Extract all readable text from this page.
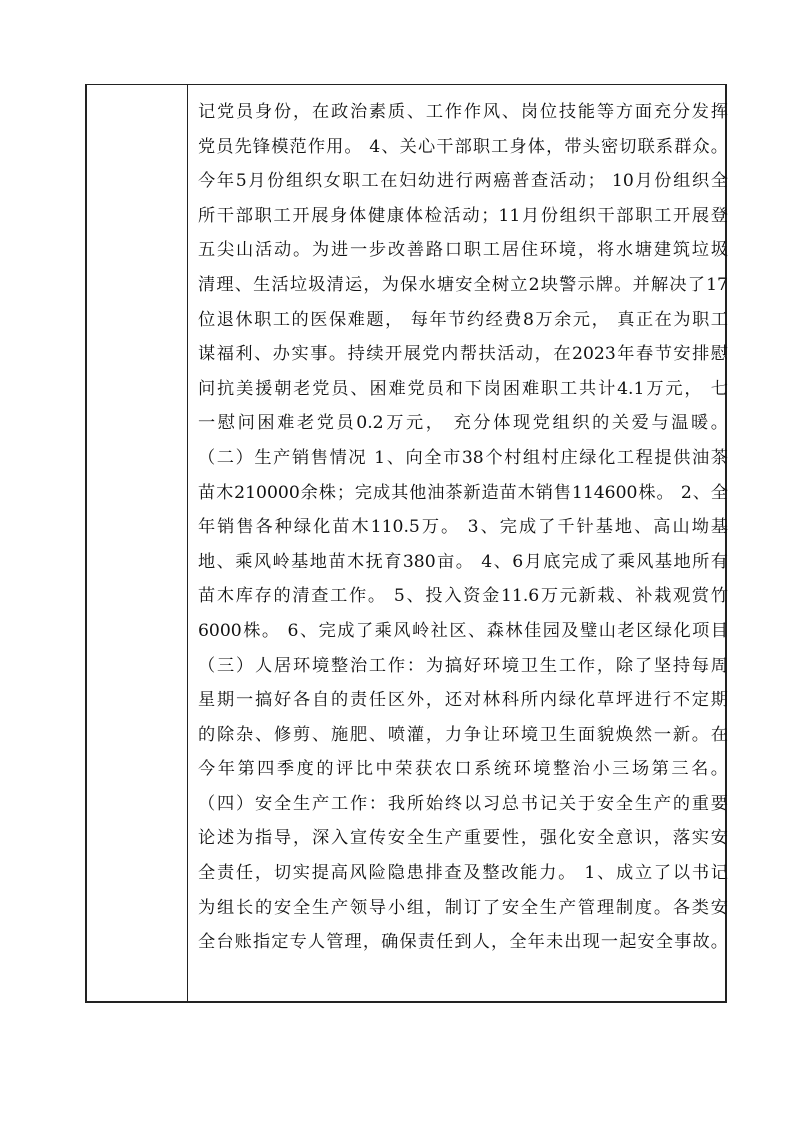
记党员身份，在政治素质、工作作风、岗位技能等方面充分发挥
党员先锋模范作用。 4、关心干部职工身体，带头密切联系群众。
今年5月份组织女职工在妇幼进行两癌普查活动； 10月份组织全
所干部职工开展身体健康体检活动；11月份组织干部职工开展登
五尖山活动。为进一步改善路口职工居住环境，将水塘建筑垃圾
清理、生活垃圾清运，为保水塘安全树立2块警示牌。并解决了17
位退休职工的医保难题， 每年节约经费8万余元， 真正在为职工
谋福利、办实事。持续开展党内帮扶活动，在2023年春节安排慰
问抗美援朝老党员、困难党员和下岗困难职工共计4.1万元， 七
一慰问困难老党员0.2万元， 充分体现党组织的关爱与温暖。
（二）生产销售情况 1、向全市38个村组村庄绿化工程提供油茶
苗木210000余株；完成其他油茶新造苗木销售114600株。 2、全
年销售各种绿化苗木110.5万。 3、完成了千针基地、高山坳基
地、乘风岭基地苗木抚育380亩。 4、6月底完成了乘风基地所有
苗木库存的清查工作。 5、投入资金11.6万元新栽、补栽观赏竹
6000株。 6、完成了乘风岭社区、森林佳园及璧山老区绿化项目
（三）人居环境整治工作：为搞好环境卫生工作，除了坚持每周
星期一搞好各自的责任区外，还对林科所内绿化草坪进行不定期
的除杂、修剪、施肥、喷灌，力争让环境卫生面貌焕然一新。在
今年第四季度的评比中荣获农口系统环境整治小三场第三名。
（四）安全生产工作：我所始终以习总书记关于安全生产的重要
论述为指导，深入宣传安全生产重要性，强化安全意识，落实安
全责任，切实提高风险隐患排查及整改能力。 1、成立了以书记
为组长的安全生产领导小组，制订了安全生产管理制度。各类安
全台账指定专人管理，确保责任到人，全年未出现一起安全事故。
